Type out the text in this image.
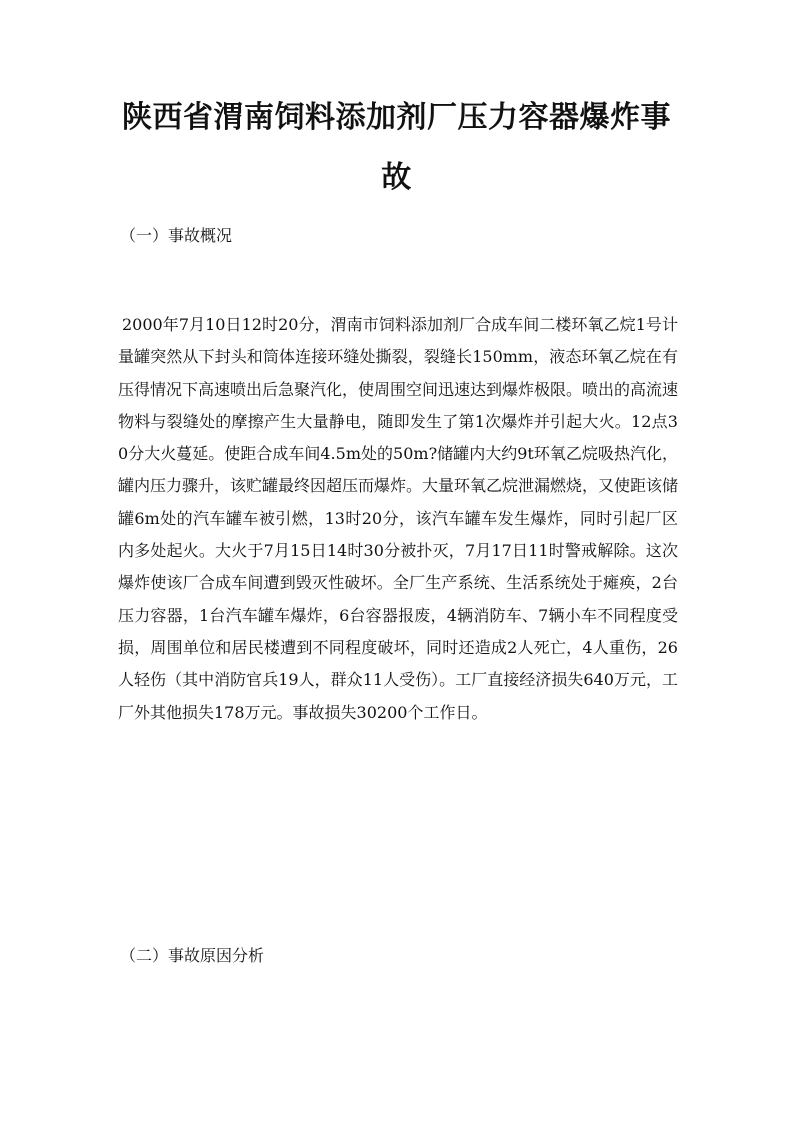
陕西省渭南饲料添加剂厂压力容器爆炸事故
（一）事故概况

2000年7月10日12时20分，渭南市饲料添加剂厂合成车间二楼环氧乙烷1号计量罐突然从下封头和筒体连接环缝处撕裂，裂缝长150mm，液态环氧乙烷在有压得情况下高速喷出后急聚汽化，使周围空间迅速达到爆炸极限。喷出的高流速物料与裂缝处的摩擦产生大量静电，随即发生了第1次爆炸并引起大火。12点30分大火蔓延。使距合成车间4.5m处的50m?储罐内大约9t环氧乙烷吸热汽化，罐内压力骤升，该贮罐最终因超压而爆炸。大量环氧乙烷泄漏燃烧，又使距该储罐6m处的汽车罐车被引燃，13时20分，该汽车罐车发生爆炸，同时引起厂区内多处起火。大火于7月15日14时30分被扑灭，7月17日11时警戒解除。这次爆炸使该厂合成车间遭到毁灭性破坏。全厂生产系统、生活系统处于瘫痪，2台压力容器，1台汽车罐车爆炸，6台容器报废，4辆消防车、7辆小车不同程度受损，周围单位和居民楼遭到不同程度破坏，同时还造成2人死亡，4人重伤，26人轻伤（其中消防官兵19人，群众11人受伤）。工厂直接经济损失640万元，工厂外其他损失178万元。事故损失30200个工作日。

（二）事故原因分析
